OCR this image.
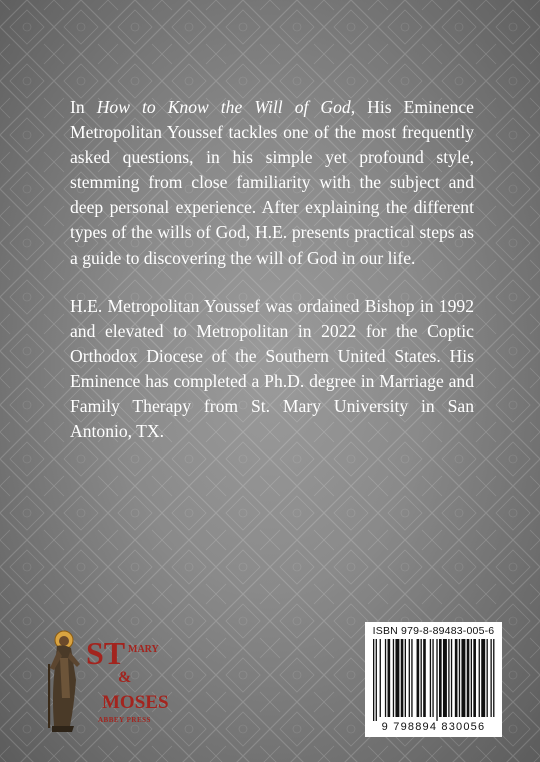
In How to Know the Will of God, His Eminence Metropolitan Youssef tackles one of the most frequently asked questions, in his simple yet profound style, stemming from close familiarity with the subject and deep personal experience. After explaining the different types of the wills of God, H.E. presents practical steps as a guide to discovering the will of God in our life.

H.E. Metropolitan Youssef was ordained Bishop in 1992 and elevated to Metropolitan in 2022 for the Coptic Orthodox Diocese of the Southern United States. His Eminence has completed a Ph.D. degree in Marriage and Family Therapy from St. Mary University in San Antonio, TX.

ST MARY
&
MOSES
ABBEY PRESS
ISBN 979-8-89483-005-6
9 798894 830056
